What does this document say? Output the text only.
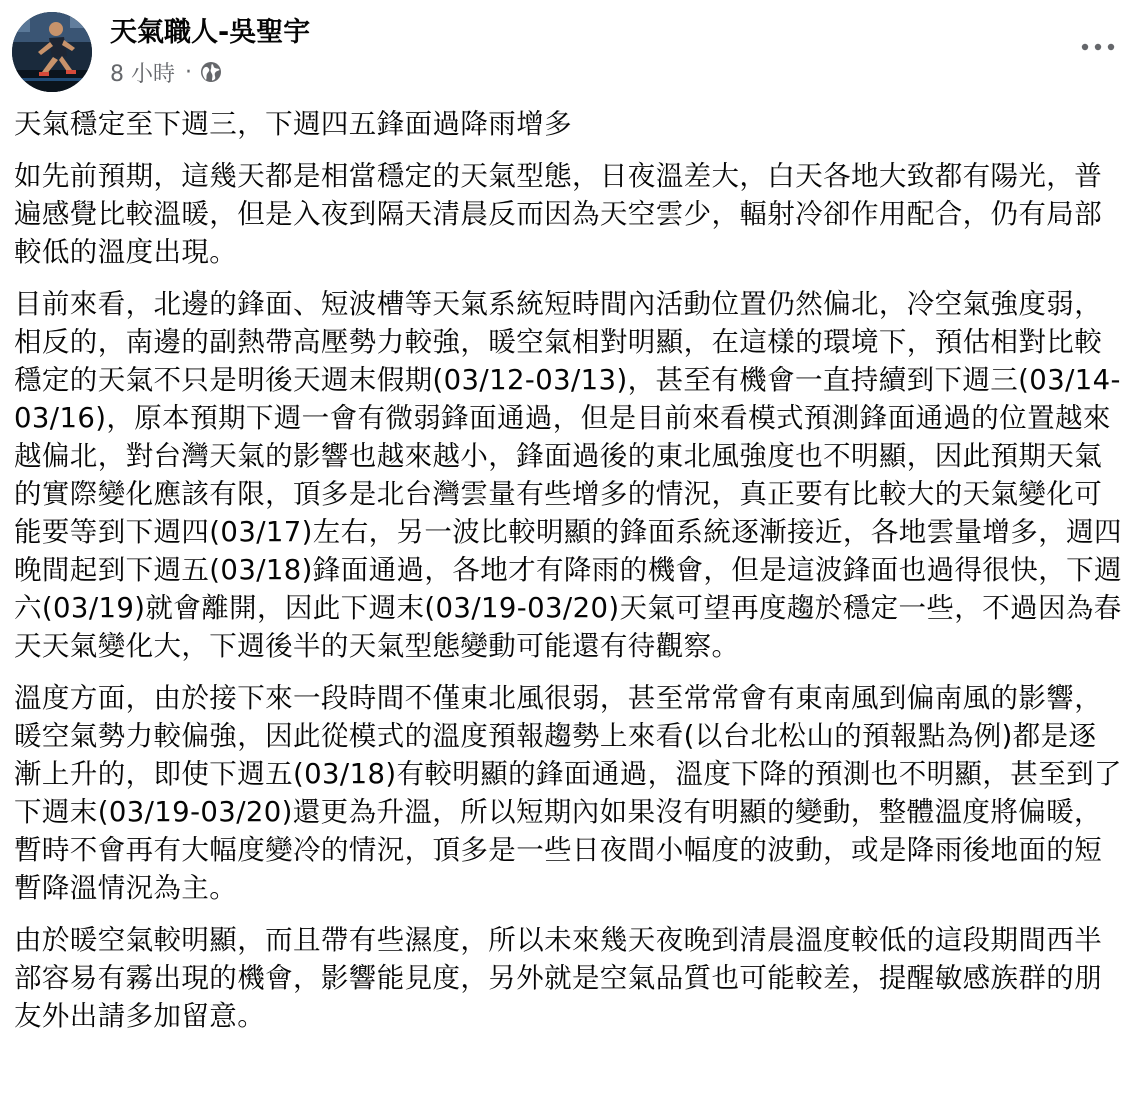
天氣職人-吳聖宇
8 小時 ·

天氣穩定至下週三，下週四五鋒面過降雨增多

如先前預期，這幾天都是相當穩定的天氣型態，日夜溫差大，白天各地大致都有陽光，普遍感覺比較溫暖，但是入夜到隔天清晨反而因為天空雲少，輻射冷卻作用配合，仍有局部較低的溫度出現。

目前來看，北邊的鋒面、短波槽等天氣系統短時間內活動位置仍然偏北，冷空氣強度弱，相反的，南邊的副熱帶高壓勢力較強，暖空氣相對明顯，在這樣的環境下，預估相對比較穩定的天氣不只是明後天週末假期(03/12-03/13)，甚至有機會一直持續到下週三(03/14-03/16)，原本預期下週一會有微弱鋒面通過，但是目前來看模式預測鋒面通過的位置越來越偏北，對台灣天氣的影響也越來越小，鋒面過後的東北風強度也不明顯，因此預期天氣的實際變化應該有限，頂多是北台灣雲量有些增多的情況，真正要有比較大的天氣變化可能要等到下週四(03/17)左右，另一波比較明顯的鋒面系統逐漸接近，各地雲量增多，週四晚間起到下週五(03/18)鋒面通過，各地才有降雨的機會，但是這波鋒面也過得很快，下週六(03/19)就會離開，因此下週末(03/19-03/20)天氣可望再度趨於穩定一些，不過因為春天天氣變化大，下週後半的天氣型態變動可能還有待觀察。

溫度方面，由於接下來一段時間不僅東北風很弱，甚至常常會有東南風到偏南風的影響，暖空氣勢力較偏強，因此從模式的溫度預報趨勢上來看(以台北松山的預報點為例)都是逐漸上升的，即使下週五(03/18)有較明顯的鋒面通過，溫度下降的預測也不明顯，甚至到了下週末(03/19-03/20)還更為升溫，所以短期內如果沒有明顯的變動，整體溫度將偏暖，暫時不會再有大幅度變冷的情況，頂多是一些日夜間小幅度的波動，或是降雨後地面的短暫降溫情況為主。

由於暖空氣較明顯，而且帶有些濕度，所以未來幾天夜晚到清晨溫度較低的這段期間西半部容易有霧出現的機會，影響能見度，另外就是空氣品質也可能較差，提醒敏感族群的朋友外出請多加留意。
